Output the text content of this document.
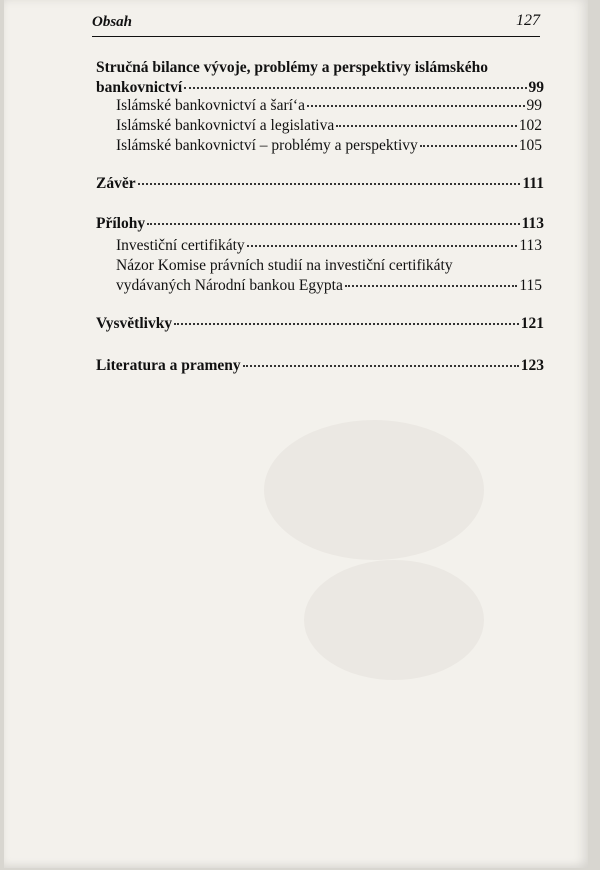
Obsah	127
Stručná bilance vývoje, problémy a perspektivy islámského
bankovnictví	99
Islámské bankovnictví a šarí‘a	99
Islámské bankovnictví a legislativa	102
Islámské bankovnictví – problémy a perspektivy	105
Závěr	111
Přílohy	113
Investiční certifikáty	113
Názor Komise právních studií na investiční certifikáty
vydávaných Národní bankou Egypta	115
Vysvětlivky	121
Literatura a prameny	123
